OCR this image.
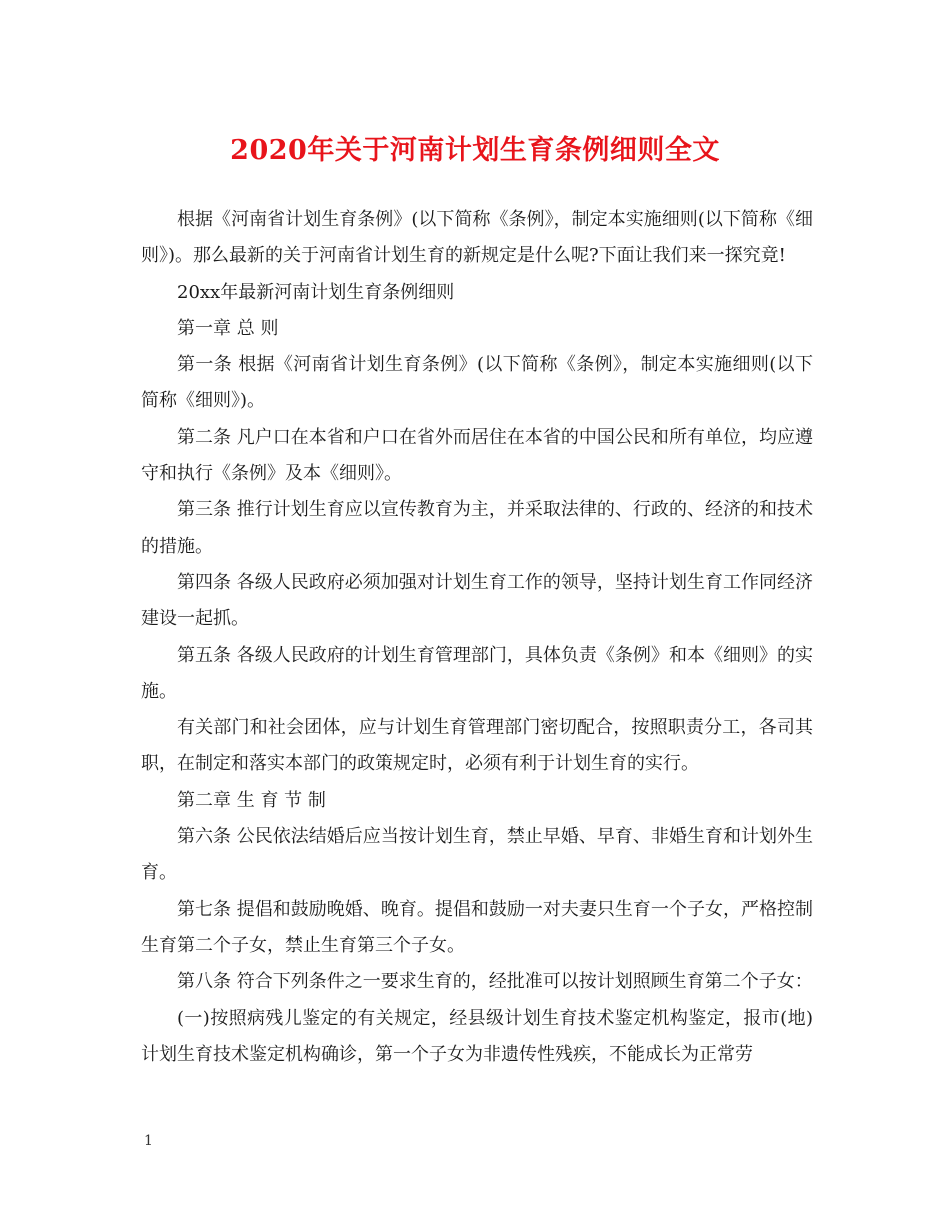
2020年关于河南计划生育条例细则全文

根据《河南省计划生育条例》(以下简称《条例》，制定本实施细则(以下简称《细则》)。那么最新的关于河南省计划生育的新规定是什么呢?下面让我们来一探究竟!

20xx年最新河南计划生育条例细则

第一章 总 则

第一条 根据《河南省计划生育条例》(以下简称《条例》，制定本实施细则(以下简称《细则》)。

第二条 凡户口在本省和户口在省外而居住在本省的中国公民和所有单位，均应遵守和执行《条例》及本《细则》。

第三条 推行计划生育应以宣传教育为主，并采取法律的、行政的、经济的和技术的措施。

第四条 各级人民政府必须加强对计划生育工作的领导，坚持计划生育工作同经济建设一起抓。

第五条 各级人民政府的计划生育管理部门，具体负责《条例》和本《细则》的实施。

有关部门和社会团体，应与计划生育管理部门密切配合，按照职责分工，各司其职，在制定和落实本部门的政策规定时，必须有利于计划生育的实行。

第二章 生 育 节 制

第六条 公民依法结婚后应当按计划生育，禁止早婚、早育、非婚生育和计划外生育。

第七条 提倡和鼓励晚婚、晚育。提倡和鼓励一对夫妻只生育一个子女，严格控制生育第二个子女，禁止生育第三个子女。

第八条 符合下列条件之一要求生育的，经批准可以按计划照顾生育第二个子女：

(一)按照病残儿鉴定的有关规定，经县级计划生育技术鉴定机构鉴定，报市(地)计划生育技术鉴定机构确诊，第一个子女为非遗传性残疾，不能成长为正常劳

1
